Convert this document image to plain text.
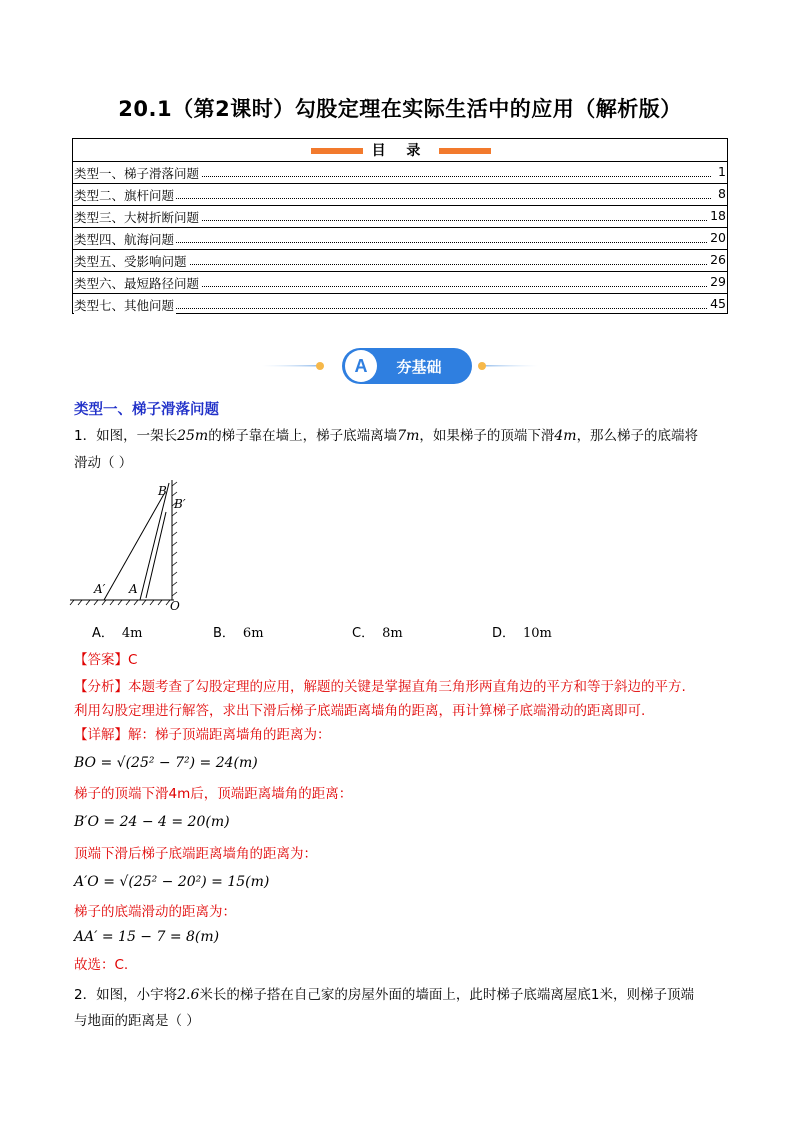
20.1（第2课时）勾股定理在实际生活中的应用（解析版）
目 录
类型一、梯子滑落问题	1
类型二、旗杆问题	8
类型三、大树折断问题	18
类型四、航海问题	20
类型五、受影响问题	26
类型六、最短路径问题	29
类型七、其他问题	45
A 夯基础
类型一、梯子滑落问题
1．如图，一架长25m的梯子靠在墙上，梯子底端离墙7m，如果梯子的顶端下滑4m，那么梯子的底端将
滑动（ ）
B
B′
A′ A
O
A． 4m	B． 6m	C． 8m	D． 10m
【答案】C
【分析】本题考查了勾股定理的应用，解题的关键是掌握直角三角形两直角边的平方和等于斜边的平方.
利用勾股定理进行解答，求出下滑后梯子底端距离墙角的距离，再计算梯子底端滑动的距离即可.
【详解】解：梯子顶端距离墙角的距离为：
BO = √(25² − 7²) = 24(m)
梯子的顶端下滑4m后，顶端距离墙角的距离：
B′O = 24 − 4 = 20(m)
顶端下滑后梯子底端距离墙角的距离为：
A′O = √(25² − 20²) = 15(m)
梯子的底端滑动的距离为：
AA′ = 15 − 7 = 8(m)
故选：C.
2．如图，小宇将2.6米长的梯子搭在自己家的房屋外面的墙面上，此时梯子底端离屋底1米，则梯子顶端
与地面的距离是（ ）
